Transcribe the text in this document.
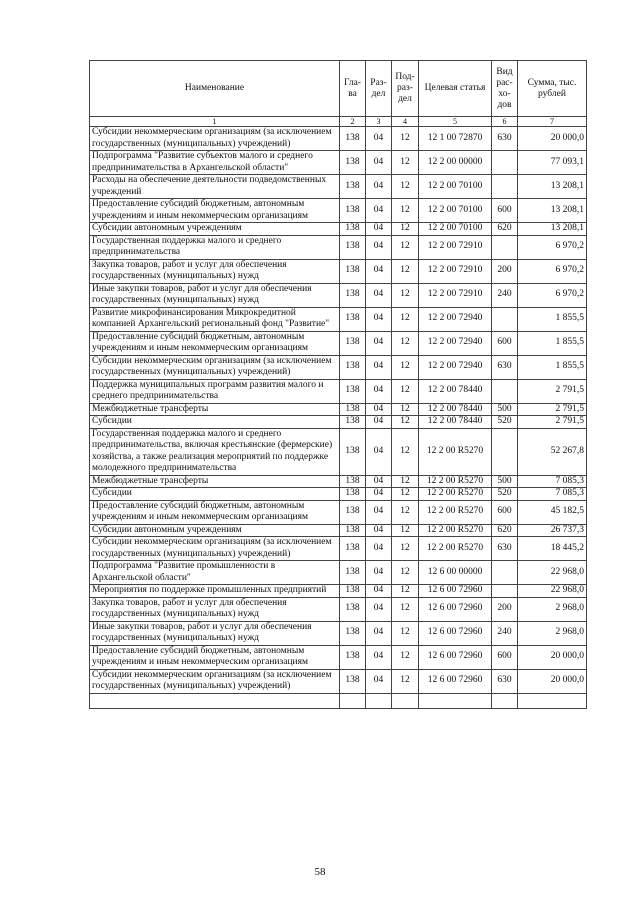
Наименование	Гла-ва	Раз-дел	Под-раз-дел	Целевая статья	Вид рас-хо-дов	Сумма, тыс. рублей
1	2	3	4	5	6	7
Субсидии некоммерческим организациям (за исключением государственных (муниципальных) учреждений)	138	04	12	12 1 00 72870	630	20 000,0
Подпрограмма "Развитие субъектов малого и среднего предпринимательства в Архангельской области"	138	04	12	12 2 00 00000		77 093,1
Расходы на обеспечение деятельности подведомственных учреждений	138	04	12	12 2 00 70100		13 208,1
Предоставление субсидий бюджетным, автономным учреждениям и иным некоммерческим организациям	138	04	12	12 2 00 70100	600	13 208,1
Субсидии автономным учреждениям	138	04	12	12 2 00 70100	620	13 208,1
Государственная поддержка малого и среднего предпринимательства	138	04	12	12 2 00 72910		6 970,2
Закупка товаров, работ и услуг для обеспечения государственных (муниципальных) нужд	138	04	12	12 2 00 72910	200	6 970,2
Иные закупки товаров, работ и услуг для обеспечения государственных (муниципальных) нужд	138	04	12	12 2 00 72910	240	6 970,2
Развитие микрофинансирования Микрокредитной компанией Архангельский региональный фонд "Развитие"	138	04	12	12 2 00 72940		1 855,5
Предоставление субсидий бюджетным, автономным учреждениям и иным некоммерческим организациям	138	04	12	12 2 00 72940	600	1 855,5
Субсидии некоммерческим организациям (за исключением государственных (муниципальных) учреждений)	138	04	12	12 2 00 72940	630	1 855,5
Поддержка муниципальных программ развития малого и среднего предпринимательства	138	04	12	12 2 00 78440		2 791,5
Межбюджетные трансферты	138	04	12	12 2 00 78440	500	2 791,5
Субсидии	138	04	12	12 2 00 78440	520	2 791,5
Государственная поддержка малого и среднего предпринимательства, включая крестьянские (фермерские) хозяйства, а также реализация мероприятий по поддержке молодежного предпринимательства	138	04	12	12 2 00 R5270		52 267,8
Межбюджетные трансферты	138	04	12	12 2 00 R5270	500	7 085,3
Субсидии	138	04	12	12 2 00 R5270	520	7 085,3
Предоставление субсидий бюджетным, автономным учреждениям и иным некоммерческим организациям	138	04	12	12 2 00 R5270	600	45 182,5
Субсидии автономным учреждениям	138	04	12	12 2 00 R5270	620	26 737,3
Субсидии некоммерческим организациям (за исключением государственных (муниципальных) учреждений)	138	04	12	12 2 00 R5270	630	18 445,2
Подпрограмма "Развитие промышленности в Архангельской области"	138	04	12	12 6 00 00000		22 968,0
Мероприятия по поддержке промышленных предприятий	138	04	12	12 6 00 72960		22 968,0
Закупка товаров, работ и услуг для обеспечения государственных (муниципальных) нужд	138	04	12	12 6 00 72960	200	2 968,0
Иные закупки товаров, работ и услуг для обеспечения государственных (муниципальных) нужд	138	04	12	12 6 00 72960	240	2 968,0
Предоставление субсидий бюджетным, автономным учреждениям и иным некоммерческим организациям	138	04	12	12 6 00 72960	600	20 000,0
Субсидии некоммерческим организациям (за исключением государственных (муниципальных) учреждений)	138	04	12	12 6 00 72960	630	20 000,0

58
